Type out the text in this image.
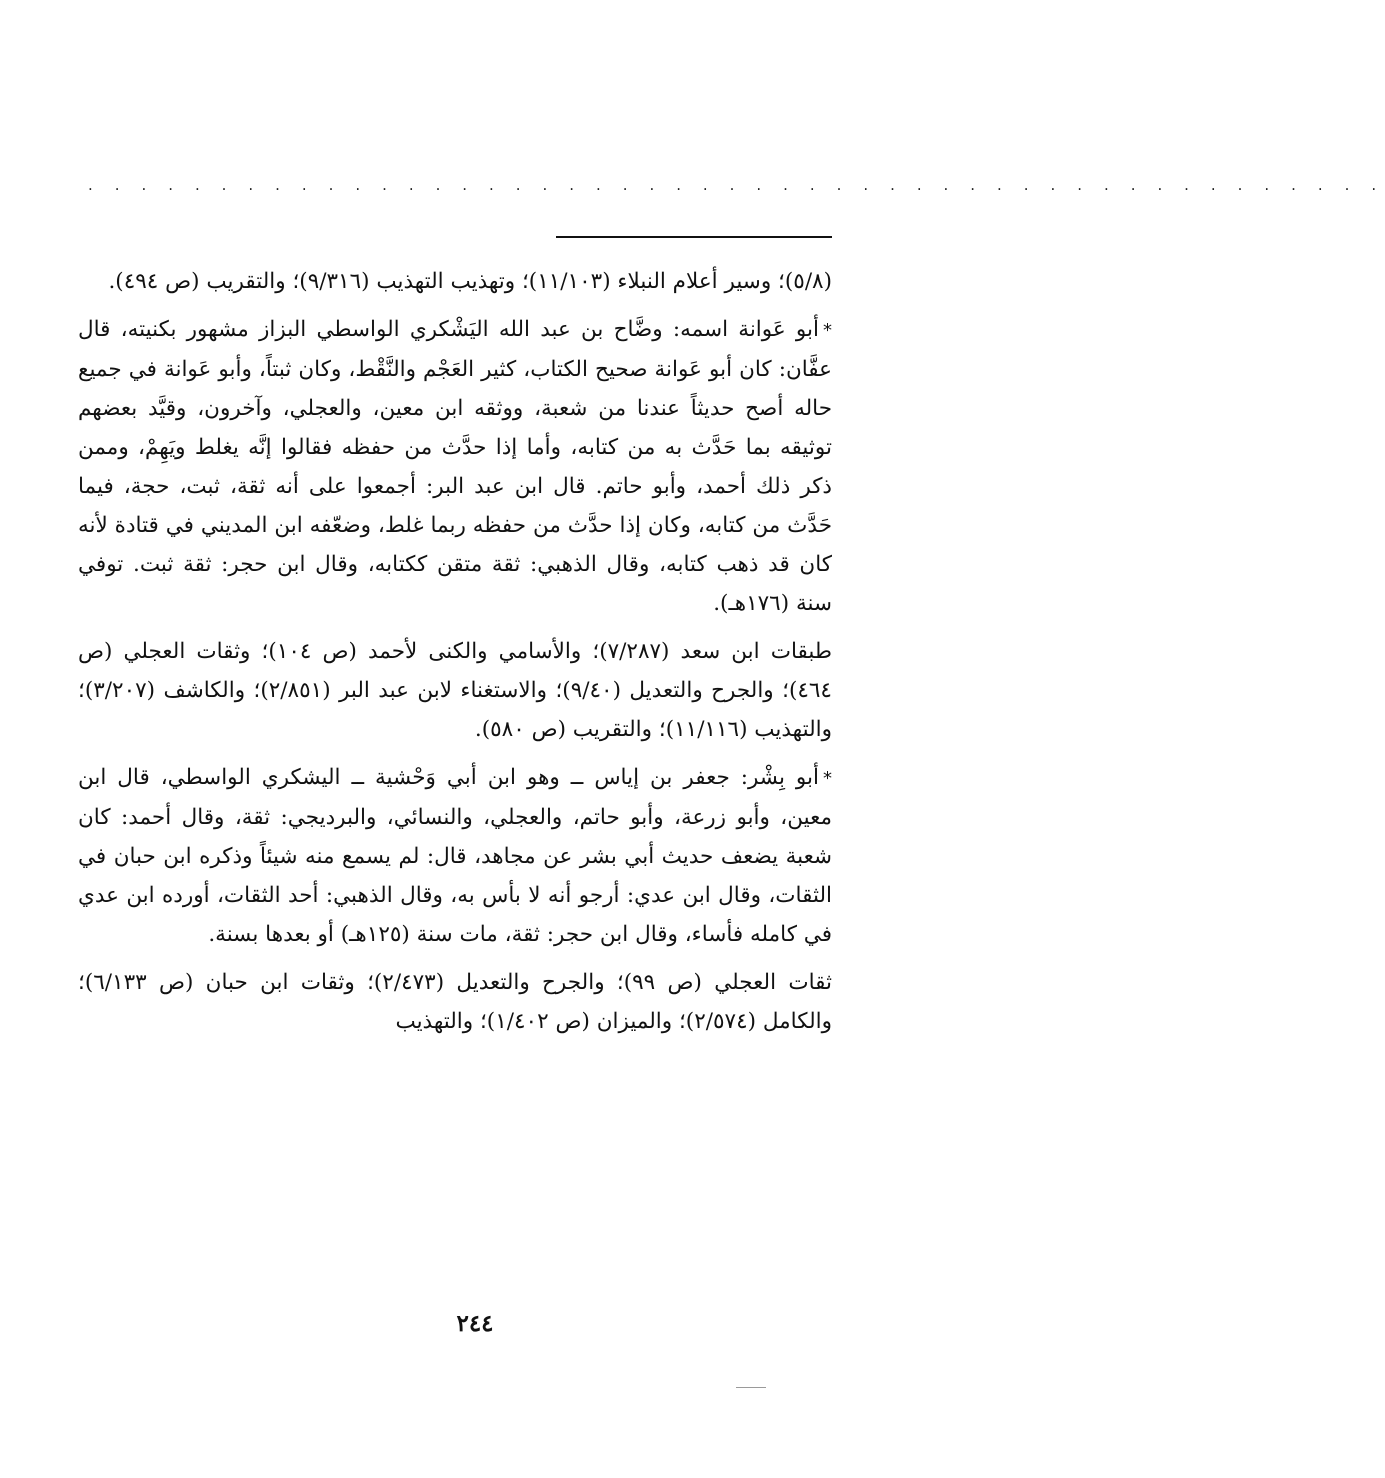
. . . . . . . . . . . . . . . . . . . . . . . . . . . . . . . . . . . . . . . . . . . . . . . . .

(٥/٨)؛ وسير أعلام النبلاء (١١/١٠٣)؛ وتهذيب التهذيب (٩/٣١٦)؛ والتقريب (ص ٤٩٤).

*أبو عَوانة اسمه: وضَّاح بن عبد الله اليَشْكري الواسطي البزاز مشهور بكنيته، قال عفَّان: كان أبو عَوانة صحيح الكتاب، كثير العَجْم والنَّقْط، وكان ثبتاً، وأبو عَوانة في جميع حاله أصح حديثاً عندنا من شعبة، ووثقه ابن معين، والعجلي، وآخرون، وقيَّد بعضهم توثيقه بما حَدَّث به من كتابه، وأما إذا حدَّث من حفظه فقالوا إنَّه يغلط ويَهِمْ، وممن ذكر ذلك أحمد، وأبو حاتم. قال ابن عبد البر: أجمعوا على أنه ثقة، ثبت، حجة، فيما حَدَّث من كتابه، وكان إذا حدَّث من حفظه ربما غلط، وضعّفه ابن المديني في قتادة لأنه كان قد ذهب كتابه، وقال الذهبي: ثقة متقن ككتابه، وقال ابن حجر: ثقة ثبت. توفي سنة (١٧٦هـ).

طبقات ابن سعد (٧/٢٨٧)؛ والأسامي والكنى لأحمد (ص ١٠٤)؛ وثقات العجلي (ص ٤٦٤)؛ والجرح والتعديل (٩/٤٠)؛ والاستغناء لابن عبد البر (٢/٨٥١)؛ والكاشف (٣/٢٠٧)؛ والتهذيب (١١/١١٦)؛ والتقريب (ص ٥٨٠).

*أبو بِشْر: جعفر بن إياس ــ وهو ابن أبي وَحْشية ــ اليشكري الواسطي، قال ابن معين، وأبو زرعة، وأبو حاتم، والعجلي، والنسائي، والبرديجي: ثقة، وقال أحمد: كان شعبة يضعف حديث أبي بشر عن مجاهد، قال: لم يسمع منه شيئاً وذكره ابن حبان في الثقات، وقال ابن عدي: أرجو أنه لا بأس به، وقال الذهبي: أحد الثقات، أورده ابن عدي في كامله فأساء، وقال ابن حجر: ثقة، مات سنة (١٢٥هـ) أو بعدها بسنة.

ثقات العجلي (ص ٩٩)؛ والجرح والتعديل (٢/٤٧٣)؛ وثقات ابن حبان (ص ٦/١٣٣)؛ والكامل (٢/٥٧٤)؛ والميزان (ص ١/٤٠٢)؛ والتهذيب

٢٤٤
